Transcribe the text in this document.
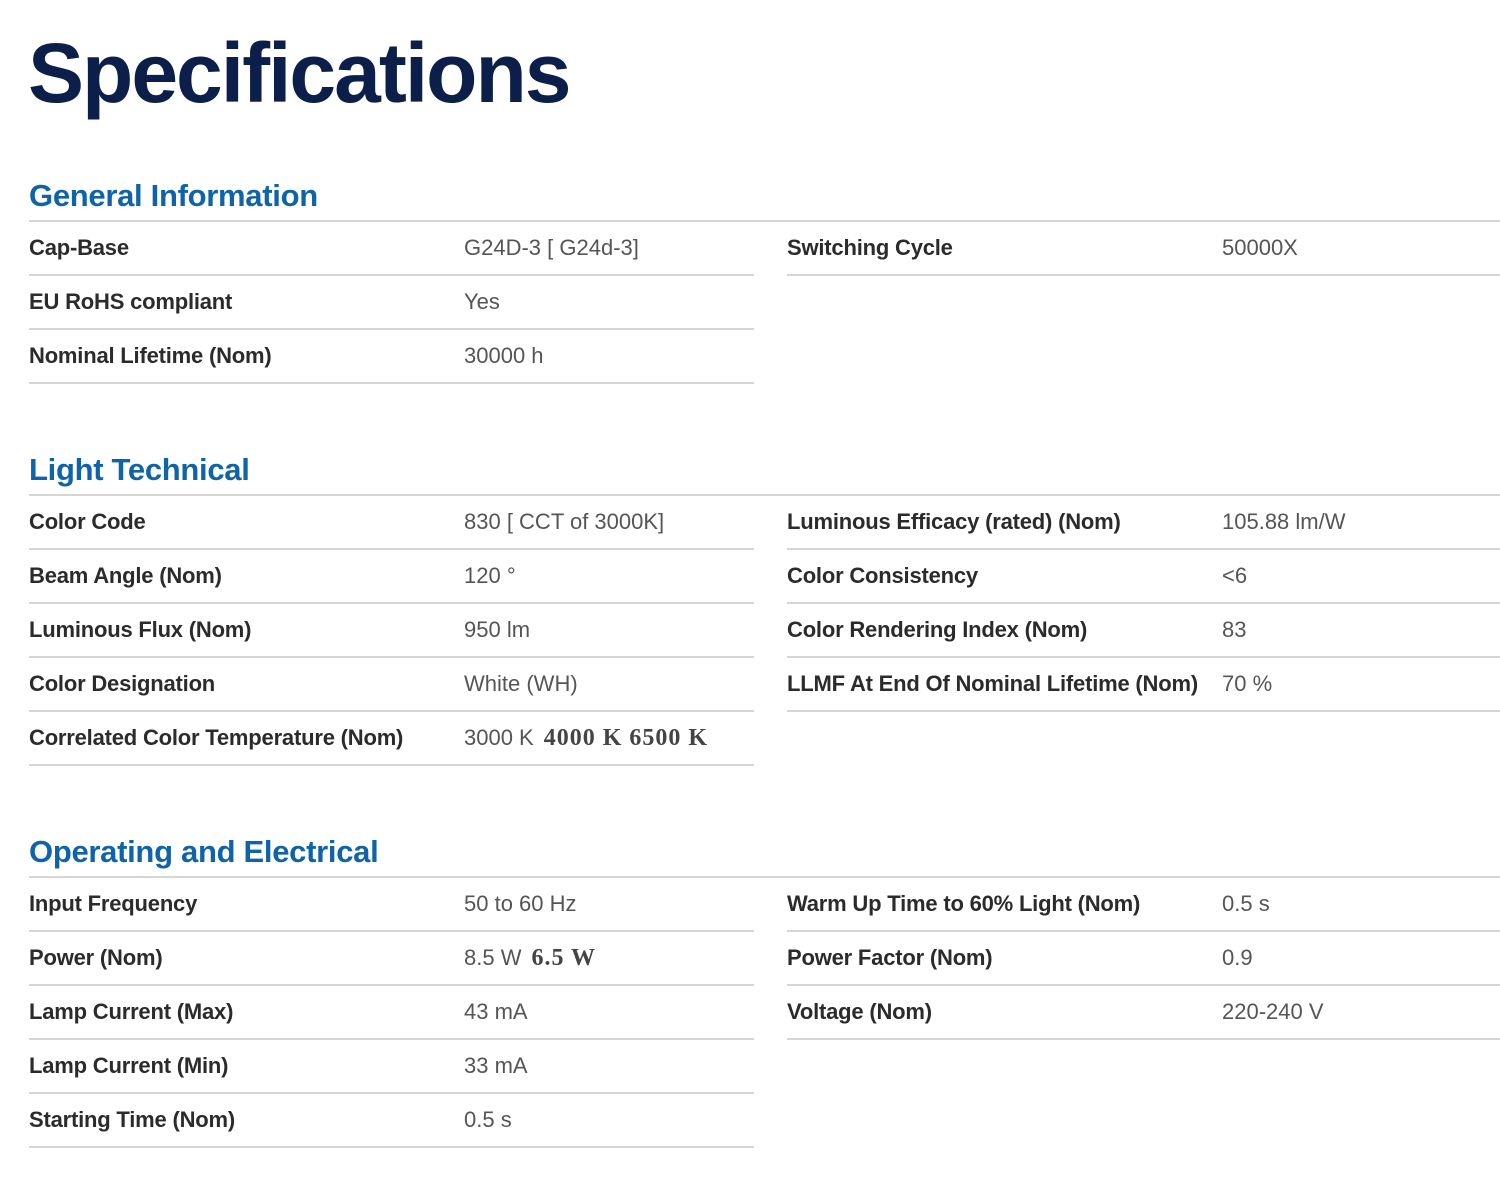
Specifications
General Information
Cap-Base	G24D-3 [ G24d-3]
EU RoHS compliant	Yes
Nominal Lifetime (Nom)	30000 h
Switching Cycle	50000X
Light Technical
Color Code	830 [ CCT of 3000K]
Beam Angle (Nom)	120 °
Luminous Flux (Nom)	950 lm
Color Designation	White (WH)
Correlated Color Temperature (Nom)	3000 K 4000 K 6500 K
Luminous Efficacy (rated) (Nom)	105.88 lm/W
Color Consistency	<6
Color Rendering Index (Nom)	83
LLMF At End Of Nominal Lifetime (Nom) 70 %
Operating and Electrical
Input Frequency	50 to 60 Hz
Power (Nom)	8.5 W 6.5 W
Lamp Current (Max)	43 mA
Lamp Current (Min)	33 mA
Starting Time (Nom)	0.5 s
Warm Up Time to 60% Light (Nom)	0.5 s
Power Factor (Nom)	0.9
Voltage (Nom)	220-240 V
